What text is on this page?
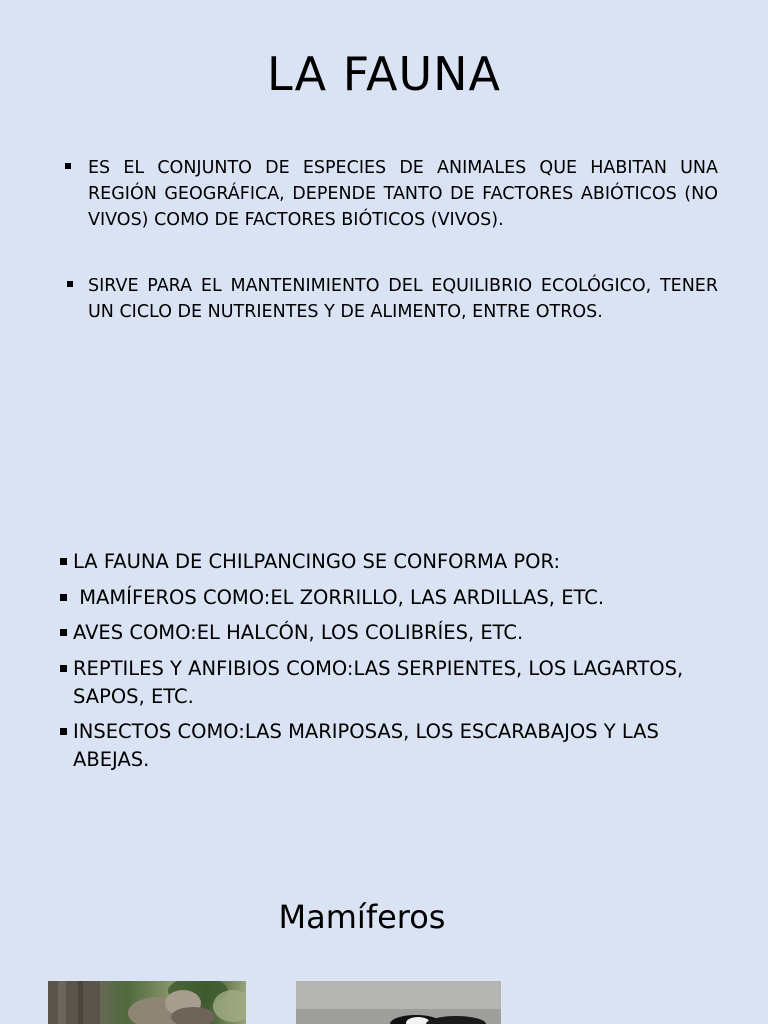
LA FAUNA
ES EL CONJUNTO DE ESPECIES DE ANIMALES QUE HABITAN UNA REGIÓN GEOGRÁFICA, DEPENDE TANTO DE FACTORES ABIÓTICOS (NO VIVOS) COMO DE FACTORES BIÓTICOS (VIVOS).
SIRVE PARA EL MANTENIMIENTO DEL EQUILIBRIO ECOLÓGICO, TENER UN CICLO DE NUTRIENTES Y DE ALIMENTO, ENTRE OTROS.
LA FAUNA DE CHILPANCINGO SE CONFORMA POR:
MAMÍFEROS COMO:EL ZORRILLO, LAS ARDILLAS, ETC.
AVES COMO:EL HALCÓN, LOS COLIBRÍES, ETC.
REPTILES Y ANFIBIOS COMO:LAS SERPIENTES, LOS LAGARTOS, SAPOS, ETC.
INSECTOS COMO:LAS MARIPOSAS, LOS ESCARABAJOS Y LAS ABEJAS.
Mamíferos
